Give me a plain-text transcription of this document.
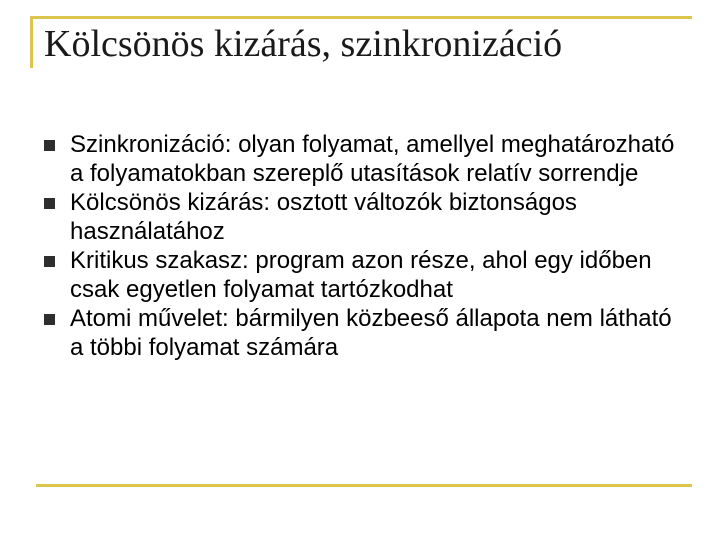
Kölcsönös kizárás, szinkronizáció
Szinkronizáció: olyan folyamat, amellyel meghatározható a folyamatokban szereplő utasítások relatív sorrendje
Kölcsönös kizárás: osztott változók biztonságos használatához
Kritikus szakasz: program azon része, ahol egy időben csak egyetlen folyamat tartózkodhat
Atomi művelet: bármilyen közbeeső állapota nem látható a többi folyamat számára
